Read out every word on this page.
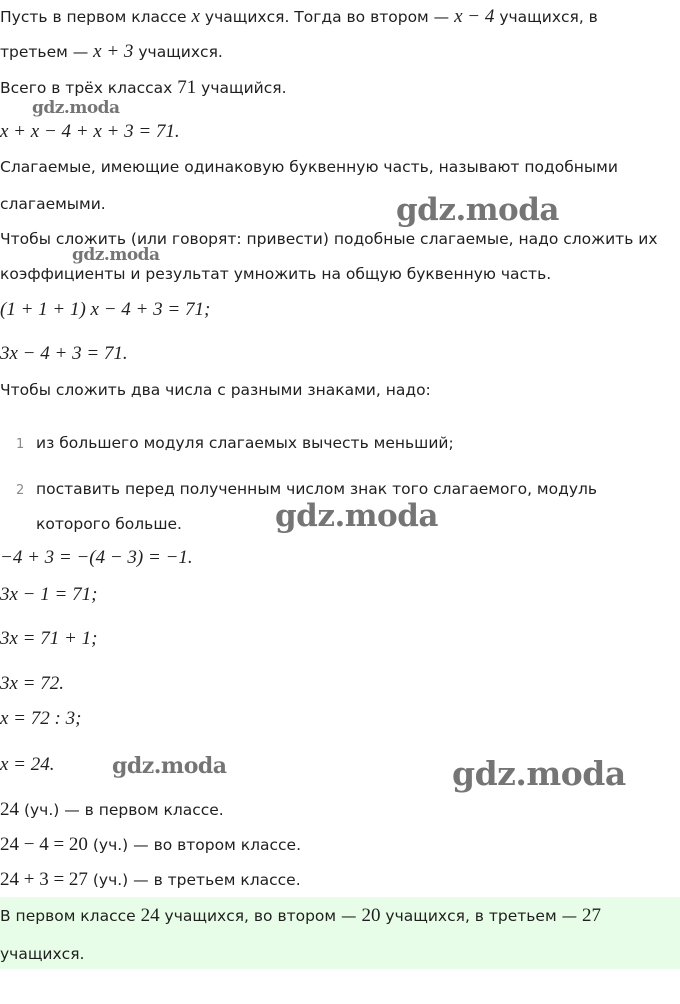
gdz.moda
gdz.moda
gdz.moda
gdz.moda
gdz.moda	gdz.moda
Пусть в первом классе x учащихся. Тогда во втором — x − 4 учащихся, в
третьем — x + 3 учащихся.
Всего в трёх классах 71 учащийся.
x + x − 4 + x + 3 = 71.
Слагаемые, имеющие одинаковую буквенную часть, называют подобными
слагаемыми.
Чтобы сложить (или говорят: привести) подобные слагаемые, надо сложить их
коэффициенты и результат умножить на общую буквенную часть.
(1 + 1 + 1) x − 4 + 3 = 71;
3x − 4 + 3 = 71.
Чтобы сложить два числа с разными знаками, надо:
1 из большего модуля слагаемых вычесть меньший;
2 поставить перед полученным числом знак того слагаемого, модуль
которого больше.
−4 + 3 = −(4 − 3) = −1.
3x − 1 = 71;
3x = 71 + 1;
3x = 72.
x = 72 : 3;
x = 24.
24 (уч.) — в первом классе.
24 − 4 = 20 (уч.) — во втором классе.
24 + 3 = 27 (уч.) — в третьем классе.
В первом классе 24 учащихся, во втором — 20 учащихся, в третьем — 27
учащихся.
